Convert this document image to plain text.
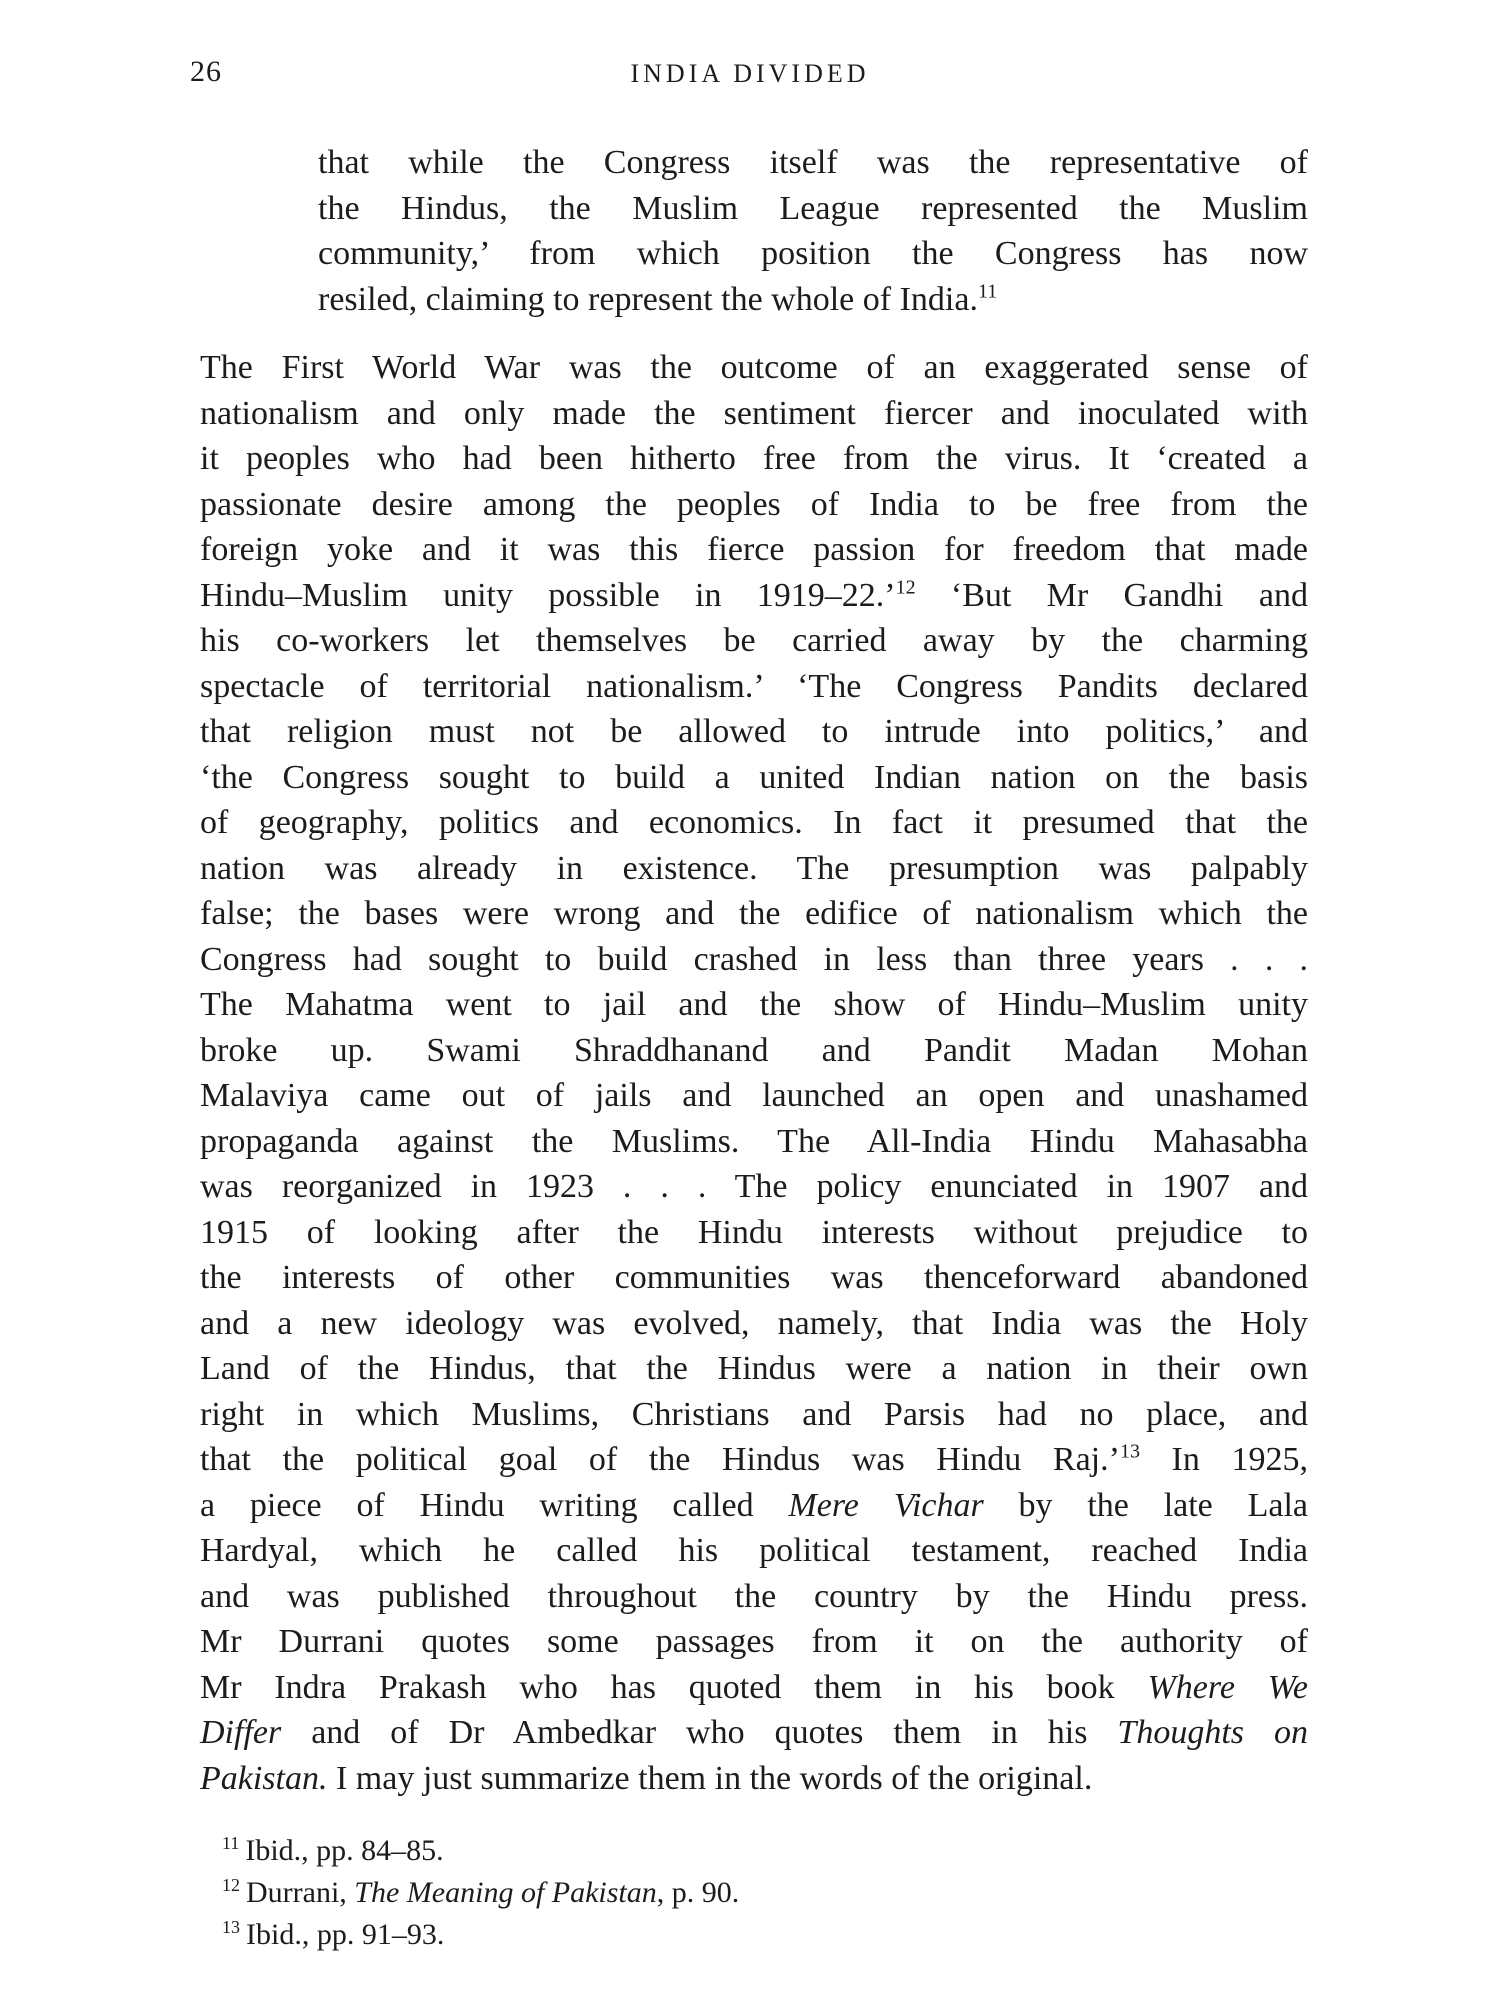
26	INDIA DIVIDED
that while the Congress itself was the representative of
the Hindus, the Muslim League represented the Muslim
community,’ from which position the Congress has now
resiled, claiming to represent the whole of India.$^{11}$
The First World War was the outcome of an exaggerated sense of
nationalism and only made the sentiment fiercer and inoculated with
it peoples who had been hitherto free from the virus. It ‘created a
passionate desire among the peoples of India to be free from the
foreign yoke and it was this fierce passion for freedom that made
Hindu–Muslim unity possible in 1919–22.’$^{12}$ ‘But Mr Gandhi and
his co-workers let themselves be carried away by the charming
spectacle of territorial nationalism.’ ‘The Congress Pandits declared
that religion must not be allowed to intrude into politics,’ and
‘the Congress sought to build a united Indian nation on the basis
of geography, politics and economics. In fact it presumed that the
nation was already in existence. The presumption was palpably
false; the bases were wrong and the edifice of nationalism which the
Congress had sought to build crashed in less than three years . . .
The Mahatma went to jail and the show of Hindu–Muslim unity
broke up. Swami Shraddhanand and Pandit Madan Mohan
Malaviya came out of jails and launched an open and unashamed
propaganda against the Muslims. The All-India Hindu Mahasabha
was reorganized in 1923 . . . The policy enunciated in 1907 and
1915 of looking after the Hindu interests without prejudice to
the interests of other communities was thenceforward abandoned
and a new ideology was evolved, namely, that India was the Holy
Land of the Hindus, that the Hindus were a nation in their own
right in which Muslims, Christians and Parsis had no place, and
that the political goal of the Hindus was Hindu Raj.’$^{13}$ In 1925,
a piece of Hindu writing called Mere Vichar by the late Lala
Hardyal, which he called his political testament, reached India
and was published throughout the country by the Hindu press.
Mr Durrani quotes some passages from it on the authority of
Mr Indra Prakash who has quoted them in his book Where We
Differ and of Dr Ambedkar who quotes them in his Thoughts on
Pakistan. I may just summarize them in the words of the original.
$^{11}$ Ibid., pp. 84–85.
$^{12}$ Durrani, The Meaning of Pakistan, p. 90.
$^{13}$ Ibid., pp. 91–93.
